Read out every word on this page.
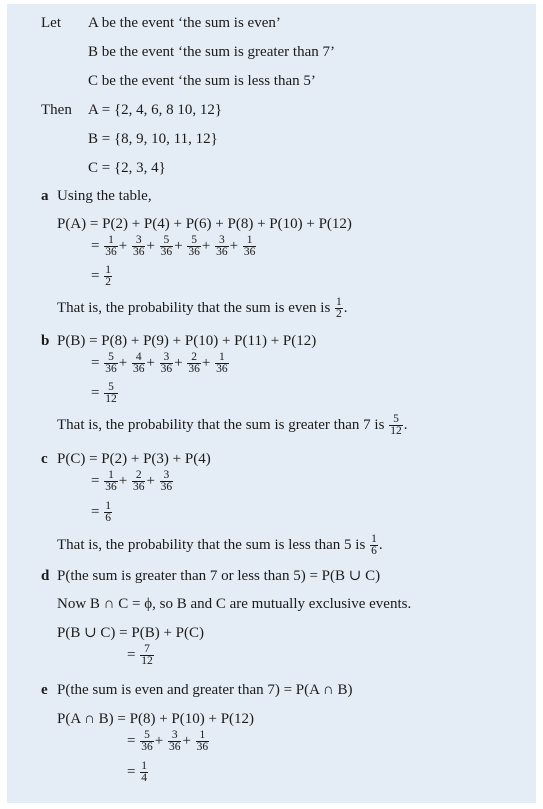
Let A be the event ‘the sum is even’
B be the event ‘the sum is greater than 7’
C be the event ‘the sum is less than 5’
Then A = {2, 4, 6, 8 10, 12}
B = {8, 9, 10, 11, 12}
C = {2, 3, 4}
a Using the table,
P(A) = P(2) + P(4) + P(6) + P(8) + P(10) + P(12)
= $\frac{1}{36} + \frac{3}{36} + \frac{5}{36} + \frac{5}{36} + \frac{3}{36} + \frac{1}{36}$
= $\frac{1}{2}$
That is, the probability that the sum is even is $\frac{1}{2}$ .
b P(B) = P(8) + P(9) + P(10) + P(11) + P(12)
= $\frac{5}{36} + \frac{4}{36} + \frac{3}{36} + \frac{2}{36} + \frac{1}{36}$
= $\frac{5}{12}$
That is, the probability that the sum is greater than 7 is $\frac{5}{12}$ .
c P(C) = P(2) + P(3) + P(4)
= $\frac{1}{36} + \frac{2}{36} + \frac{3}{36}$
= $\frac{1}{6}$
That is, the probability that the sum is less than 5 is $\frac{1}{6}$ .
d P(the sum is greater than 7 or less than 5) = P(B ∪ C)
Now B ∩ C = ϕ, so B and C are mutually exclusive events.
P(B ∪ C) = P(B) + P(C)
= $\frac{7}{12}$
e P(the sum is even and greater than 7) = P(A ∩ B)
P(A ∩ B) = P(8) + P(10) + P(12)
= $\frac{5}{36} + \frac{3}{36} + \frac{1}{36}$
= $\frac{1}{4}$
